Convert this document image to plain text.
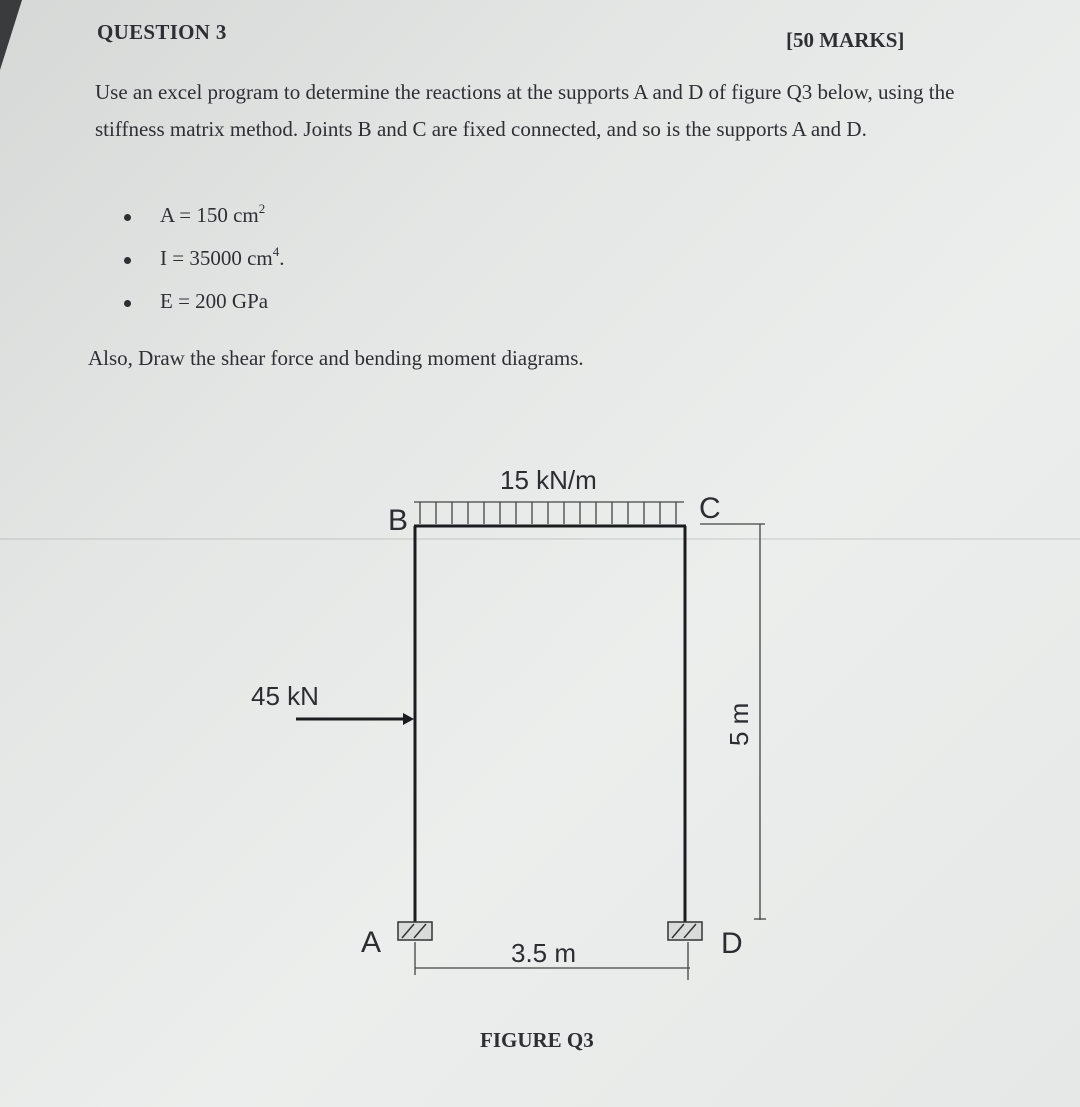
QUESTION 3	[50 MARKS]
Use an excel program to determine the reactions at the supports A and D of figure Q3 below, using the stiffness matrix method. Joints B and C are fixed connected, and so is the supports A and D.
A = 150 $cm^2$
I = 35000 $cm^4$.
E = 200 GPa
Also, Draw the shear force and bending moment diagrams.
15 kN/m
B	C
45 kN
5 m
A	3.5 m	D
FIGURE Q3
